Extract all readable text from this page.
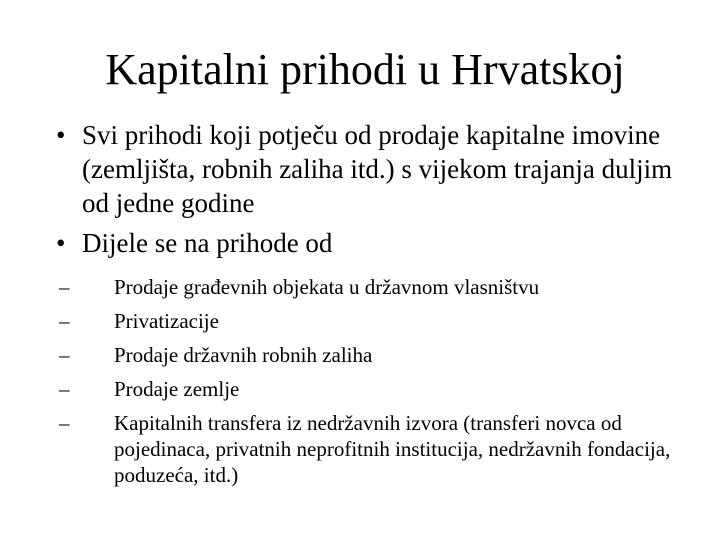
Kapitalni prihodi u Hrvatskoj
• Svi prihodi koji potječu od prodaje kapitalne imovine (zemljišta, robnih zaliha itd.) s vijekom trajanja duljim od jedne godine
• Dijele se na prihode od
–	Prodaje građevnih objekata u državnom vlasništvu
–	Privatizacije
–	Prodaje državnih robnih zaliha
–	Prodaje zemlje
–	Kapitalnih transfera iz nedržavnih izvora (transferi novca od pojedinaca, privatnih neprofitnih institucija, nedržavnih fondacija, poduzeća, itd.)
